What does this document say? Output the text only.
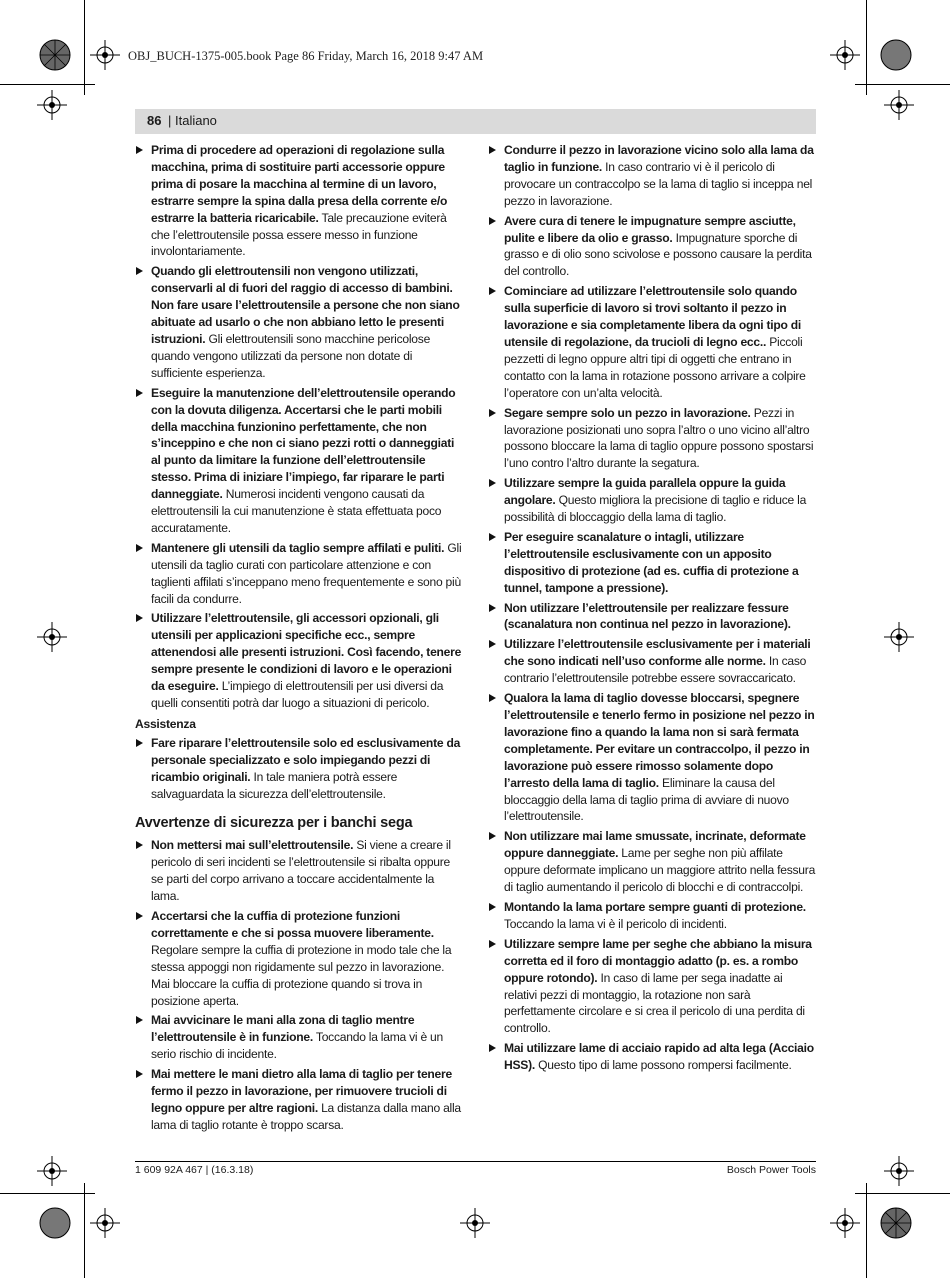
OBJ_BUCH-1375-005.book Page 86 Friday, March 16, 2018 9:47 AM
86 | Italiano
Prima di procedere ad operazioni di regolazione sulla macchina, prima di sostituire parti accessorie oppure prima di posare la macchina al termine di un lavoro, estrarre sempre la spina dalla presa della corrente e/o estrarre la batteria ricaricabile. Tale precauzione eviterà che l’elettroutensile possa essere messo in funzione involontariamente.
Quando gli elettroutensili non vengono utilizzati, conservarli al di fuori del raggio di accesso di bambini. Non fare usare l’elettroutensile a persone che non siano abituate ad usarlo o che non abbiano letto le presenti istruzioni. Gli elettroutensili sono macchine pericolose quando vengono utilizzati da persone non dotate di sufficiente esperienza.
Eseguire la manutenzione dell’elettroutensile operando con la dovuta diligenza. Accertarsi che le parti mobili della macchina funzionino perfettamente, che non s’inceppino e che non ci siano pezzi rotti o danneggiati al punto da limitare la funzione dell’elettroutensile stesso. Prima di iniziare l’impiego, far riparare le parti danneggiate. Numerosi incidenti vengono causati da elettroutensili la cui manutenzione è stata effettuata poco accuratamente.
Mantenere gli utensili da taglio sempre affilati e puliti. Gli utensili da taglio curati con particolare attenzione e con taglienti affilati s’inceppano meno frequentemente e sono più facili da condurre.
Utilizzare l’elettroutensile, gli accessori opzionali, gli utensili per applicazioni specifiche ecc., sempre attenendosi alle presenti istruzioni. Così facendo, tenere sempre presente le condizioni di lavoro e le operazioni da eseguire. L’impiego di elettroutensili per usi diversi da quelli consentiti potrà dar luogo a situazioni di pericolo.
Assistenza
Fare riparare l’elettroutensile solo ed esclusivamente da personale specializzato e solo impiegando pezzi di ricambio originali. In tale maniera potrà essere salvaguardata la sicurezza dell’elettroutensile.
Avvertenze di sicurezza per i banchi sega
Non mettersi mai sull’elettroutensile. Si viene a creare il pericolo di seri incidenti se l’elettroutensile si ribalta oppure se parti del corpo arrivano a toccare accidentalmente la lama.
Accertarsi che la cuffia di protezione funzioni correttamente e che si possa muovere liberamente. Regolare sempre la cuffia di protezione in modo tale che la stessa appoggi non rigidamente sul pezzo in lavorazione. Mai bloccare la cuffia di protezione quando si trova in posizione aperta.
Mai avvicinare le mani alla zona di taglio mentre l’elettroutensile è in funzione. Toccando la lama vi è un serio rischio di incidente.
Mai mettere le mani dietro alla lama di taglio per tenere fermo il pezzo in lavorazione, per rimuovere trucioli di legno oppure per altre ragioni. La distanza dalla mano alla lama di taglio rotante è troppo scarsa.
Condurre il pezzo in lavorazione vicino solo alla lama da taglio in funzione. In caso contrario vi è il pericolo di provocare un contraccolpo se la lama di taglio si inceppa nel pezzo in lavorazione.
Avere cura di tenere le impugnature sempre asciutte, pulite e libere da olio e grasso. Impugnature sporche di grasso e di olio sono scivolose e possono causare la perdita del controllo.
Cominciare ad utilizzare l’elettroutensile solo quando sulla superficie di lavoro si trovi soltanto il pezzo in lavorazione e sia completamente libera da ogni tipo di utensile di regolazione, da trucioli di legno ecc.. Piccoli pezzetti di legno oppure altri tipi di oggetti che entrano in contatto con la lama in rotazione possono arrivare a colpire l’operatore con un’alta velocità.
Segare sempre solo un pezzo in lavorazione. Pezzi in lavorazione posizionati uno sopra l’altro o uno vicino all’altro possono bloccare la lama di taglio oppure possono spostarsi l’uno contro l’altro durante la segatura.
Utilizzare sempre la guida parallela oppure la guida angolare. Questo migliora la precisione di taglio e riduce la possibilità di bloccaggio della lama di taglio.
Per eseguire scanalature o intagli, utilizzare l’elettroutensile esclusivamente con un apposito dispositivo di protezione (ad es. cuffia di protezione a tunnel, tampone a pressione).
Non utilizzare l’elettroutensile per realizzare fessure (scanalatura non continua nel pezzo in lavorazione).
Utilizzare l’elettroutensile esclusivamente per i materiali che sono indicati nell’uso conforme alle norme. In caso contrario l’elettroutensile potrebbe essere sovraccaricato.
Qualora la lama di taglio dovesse bloccarsi, spegnere l’elettroutensile e tenerlo fermo in posizione nel pezzo in lavorazione fino a quando la lama non si sarà fermata completamente. Per evitare un contraccolpo, il pezzo in lavorazione può essere rimosso solamente dopo l’arresto della lama di taglio. Eliminare la causa del bloccaggio della lama di taglio prima di avviare di nuovo l’elettroutensile.
Non utilizzare mai lame smussate, incrinate, deformate oppure danneggiate. Lame per seghe non più affilate oppure deformate implicano un maggiore attrito nella fessura di taglio aumentando il pericolo di blocchi e di contraccolpi.
Montando la lama portare sempre guanti di protezione. Toccando la lama vi è il pericolo di incidenti.
Utilizzare sempre lame per seghe che abbiano la misura corretta ed il foro di montaggio adatto (p. es. a rombo oppure rotondo). In caso di lame per sega inadatte ai relativi pezzi di montaggio, la rotazione non sarà perfettamente circolare e si crea il pericolo di una perdita di controllo.
Mai utilizzare lame di acciaio rapido ad alta lega (Acciaio HSS). Questo tipo di lame possono rompersi facilmente.
1 609 92A 467 | (16.3.18)	Bosch Power Tools
